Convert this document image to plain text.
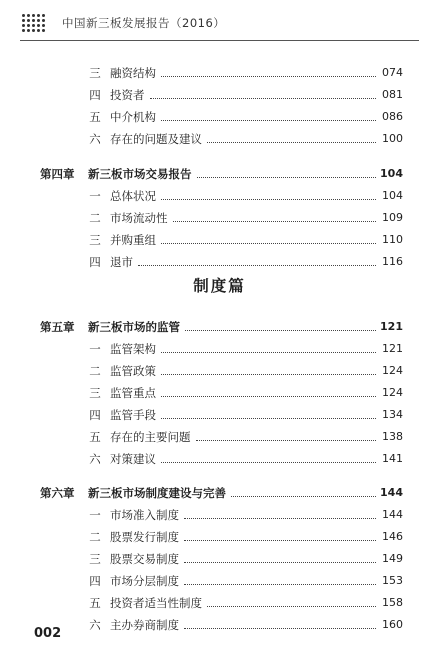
中国新三板发展报告（2016）
三 融资结构	074
四 投资者	081
五 中介机构	086
六 存在的问题及建议	100
第四章	新三板市场交易报告	104
一 总体状况	104
二 市场流动性	109
三 并购重组	110
四 退市	116
制度篇
第五章	新三板市场的监管	121
一 监管架构	121
二 监管政策	124
三 监管重点	124
四 监管手段	134
五 存在的主要问题	138
六 对策建议	141
第六章	新三板市场制度建设与完善	144
一 市场准入制度	144
二 股票发行制度	146
三 股票交易制度	149
四 市场分层制度	153
五 投资者适当性制度	158
六 主办券商制度	160
002
